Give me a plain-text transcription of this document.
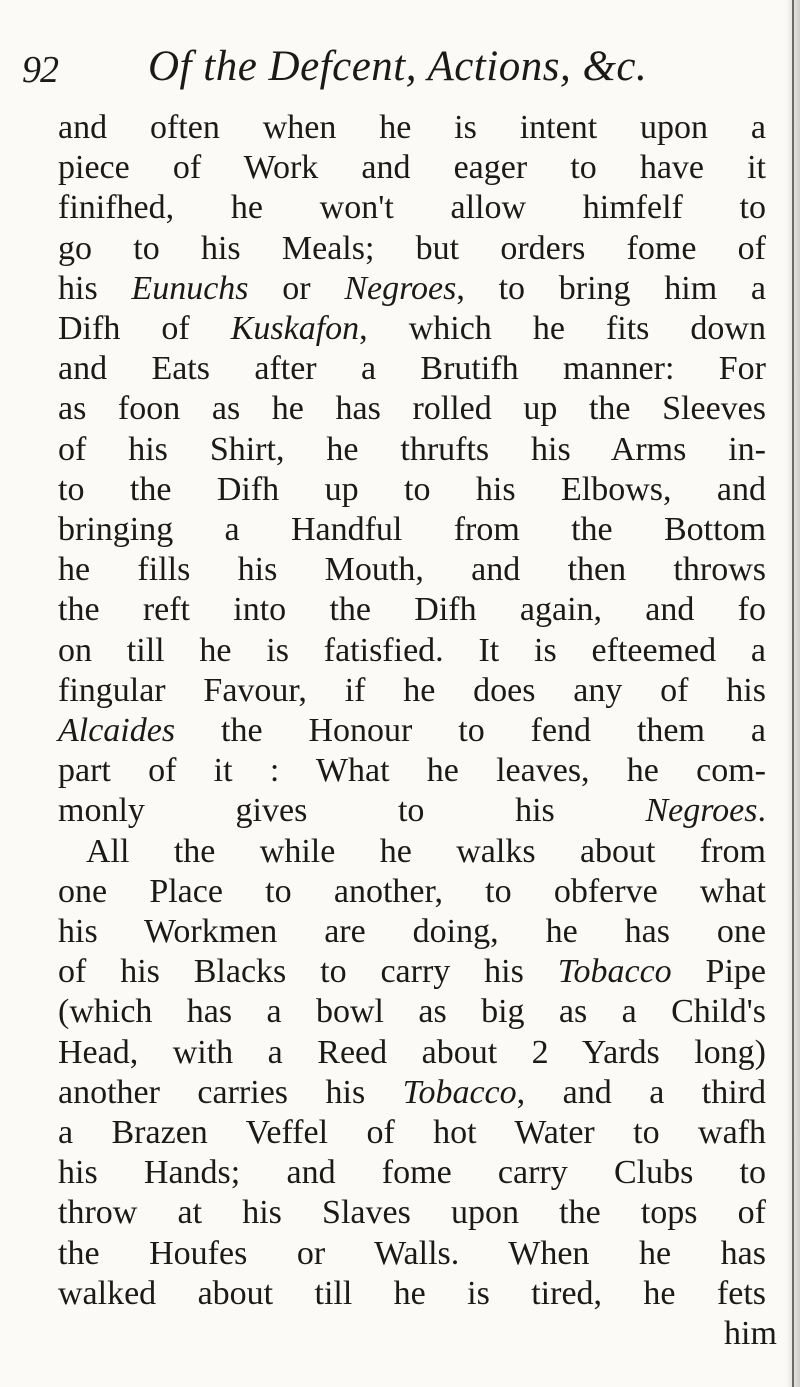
92 Of the Defcent, Actions, &c.
and often when he is intent upon a
piece of Work and eager to have it
finifhed, he won't allow himfelf to
go to his Meals; but orders fome of
his Eunuchs or Negroes, to bring him a
Difh of Kuskafon, which he fits down
and Eats after a Brutifh manner: For
as foon as he has rolled up the Sleeves
of his Shirt, he thrufts his Arms in-
to the Difh up to his Elbows, and
bringing a Handful from the Bottom
he fills his Mouth, and then throws
the reft into the Difh again, and fo
on till he is fatisfied. It is efteemed a
fingular Favour, if he does any of his
Alcaides the Honour to fend them a
part of it : What he leaves, he com-
monly gives to his Negroes.
All the while he walks about from
one Place to another, to obferve what
his Workmen are doing, he has one
of his Blacks to carry his Tobacco Pipe
(which has a bowl as big as a Child's
Head, with a Reed about 2 Yards long)
another carries his Tobacco, and a third
a Brazen Veffel of hot Water to wafh
his Hands; and fome carry Clubs to
throw at his Slaves upon the tops of
the Houfes or Walls. When he has
walked about till he is tired, he fets
him
